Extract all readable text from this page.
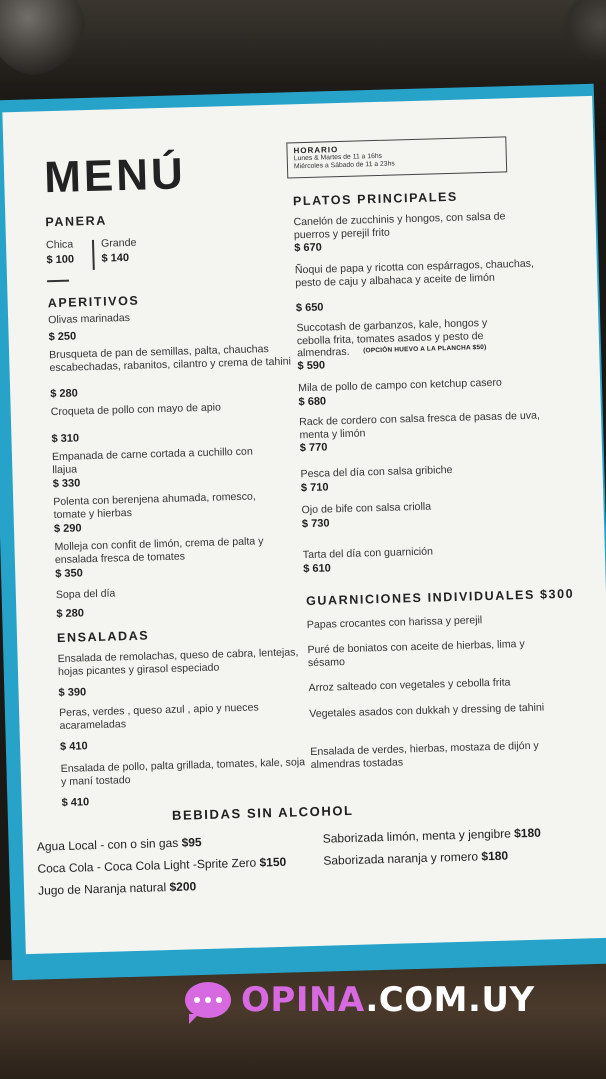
MENÚ	HORARIO
Lunes & Martes de 11 a 16hs
Miércoles a Sábado de 11 a 23hs
PANERA
Chica
$ 100
Grande
$ 140
APERITIVOS
Olivas marinadas
$ 250
Brusqueta de pan de semillas, palta, chauchas escabechadas, rabanitos, cilantro y crema de tahini
$ 280
Croqueta de pollo con mayo de apio
$ 310
Empanada de carne cortada a cuchillo con llajua
$ 330
Polenta con berenjena ahumada, romesco, tomate y hierbas
$ 290
Molleja con confit de limón, crema de palta y ensalada fresca de tomates
$ 350
Sopa del día
$ 280
ENSALADAS
Ensalada de remolachas, queso de cabra, lentejas, hojas picantes y girasol especiado
$ 390
Peras, verdes , queso azul , apio y nueces acarameladas
$ 410
Ensalada de pollo, palta grillada, tomates, kale, soja y maní tostado
$ 410
PLATOS PRINCIPALES
Canelón de zucchinis y hongos, con salsa de puerros y perejil frito
$ 670
Ñoqui de papa y ricotta con espárragos, chauchas, pesto de caju y albahaca y aceite de limón
$ 650
Succotash de garbanzos, kale, hongos y cebolla frita, tomates asados y pesto de almendras.	(OPCIÓN HUEVO A LA PLANCHA $50)
$ 590
Mila de pollo de campo con ketchup casero
$ 680
Rack de cordero con salsa fresca de pasas de uva, menta y limón
$ 770
Pesca del día con salsa gribiche
$ 710
Ojo de bife con salsa criolla
$ 730
Tarta del día con guarnición
$ 610
GUARNICIONES INDIVIDUALES $300
Papas crocantes con harissa y perejil
Puré de boniatos con aceite de hierbas, lima y sésamo
Arroz salteado con vegetales y cebolla frita
Vegetales asados con dukkah y dressing de tahini
Ensalada de verdes, hierbas, mostaza de dijón y almendras tostadas
BEBIDAS SIN ALCOHOL
Agua Local - con o sin gas $95
Coca Cola - Coca Cola Light -Sprite Zero $150
Jugo de Naranja natural $200
Saborizada limón, menta y jengibre $180
Saborizada naranja y romero $180
OPINA.COM.UY
